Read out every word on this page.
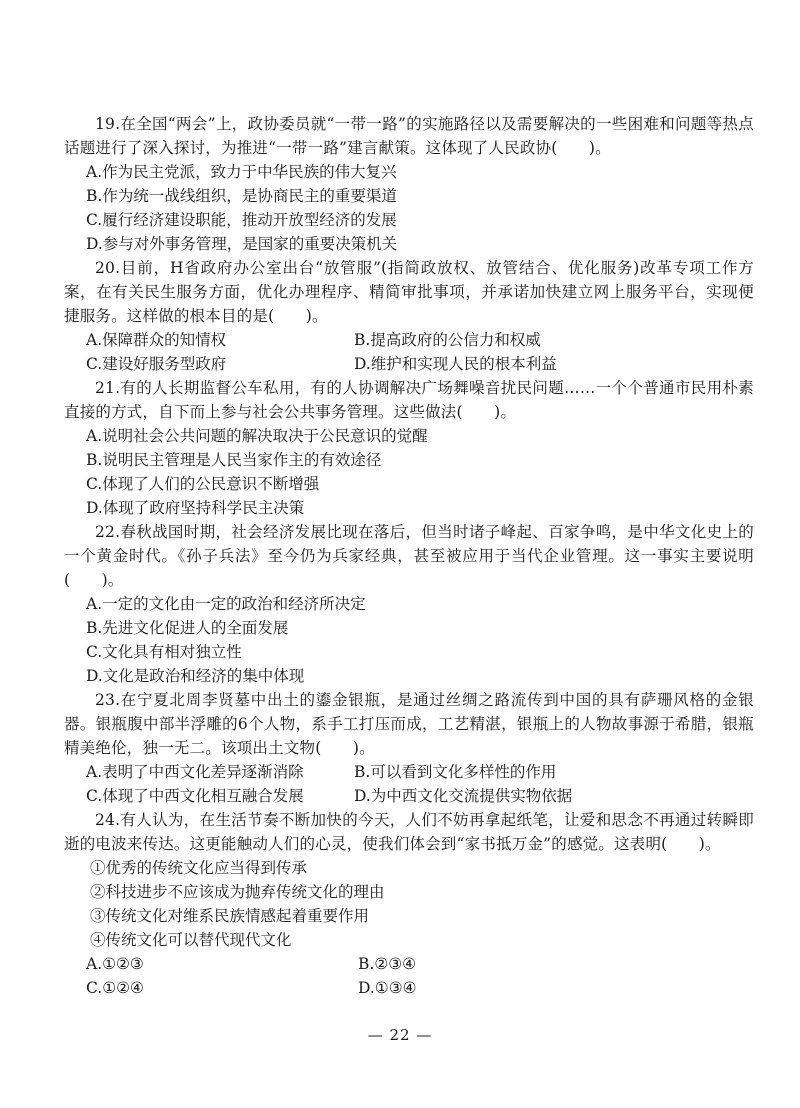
19.在全国“两会”上，政协委员就“一带一路”的实施路径以及需要解决的一些困难和问题等热点话题进行了深入探讨，为推进“一带一路”建言献策。这体现了人民政协(　　)。

A.作为民主党派，致力于中华民族的伟大复兴

B.作为统一战线组织，是协商民主的重要渠道

C.履行经济建设职能，推动开放型经济的发展

D.参与对外事务管理，是国家的重要决策机关

20.目前，H省政府办公室出台“放管服”(指简政放权、放管结合、优化服务)改革专项工作方案，在有关民生服务方面，优化办理程序、精简审批事项，并承诺加快建立网上服务平台，实现便捷服务。这样做的根本目的是(　　)。

A.保障群众的知情权	B.提高政府的公信力和权威
C.建设好服务型政府	D.维护和实现人民的根本利益

21.有的人长期监督公车私用，有的人协调解决广场舞噪音扰民问题……一个个普通市民用朴素直接的方式，自下而上参与社会公共事务管理。这些做法(　　)。

A.说明社会公共问题的解决取决于公民意识的觉醒

B.说明民主管理是人民当家作主的有效途径

C.体现了人们的公民意识不断增强

D.体现了政府坚持科学民主决策

22.春秋战国时期，社会经济发展比现在落后，但当时诸子峰起、百家争鸣，是中华文化史上的一个黄金时代。《孙子兵法》至今仍为兵家经典，甚至被应用于当代企业管理。这一事实主要说明(　　)。

A.一定的文化由一定的政治和经济所决定

B.先进文化促进人的全面发展

C.文化具有相对独立性

D.文化是政治和经济的集中体现

23.在宁夏北周李贤墓中出土的鎏金银瓶，是通过丝绸之路流传到中国的具有萨珊风格的金银器。银瓶腹中部半浮雕的6个人物，系手工打压而成，工艺精湛，银瓶上的人物故事源于希腊，银瓶精美绝伦，独一无二。该项出土文物(　　)。

A.表明了中西文化差异逐渐消除	B.可以看到文化多样性的作用
C.体现了中西文化相互融合发展	D.为中西文化交流提供实物依据

24.有人认为，在生活节奏不断加快的今天，人们不妨再拿起纸笔，让爱和思念不再通过转瞬即逝的电波来传达。这更能触动人们的心灵，使我们体会到“家书抵万金”的感觉。这表明(　　)。

①优秀的传统文化应当得到传承

②科技进步不应该成为抛弃传统文化的理由

③传统文化对维系民族情感起着重要作用

④传统文化可以替代现代文化

A.①②③	B.②③④
C.①②④	D.①③④
— 22 —
